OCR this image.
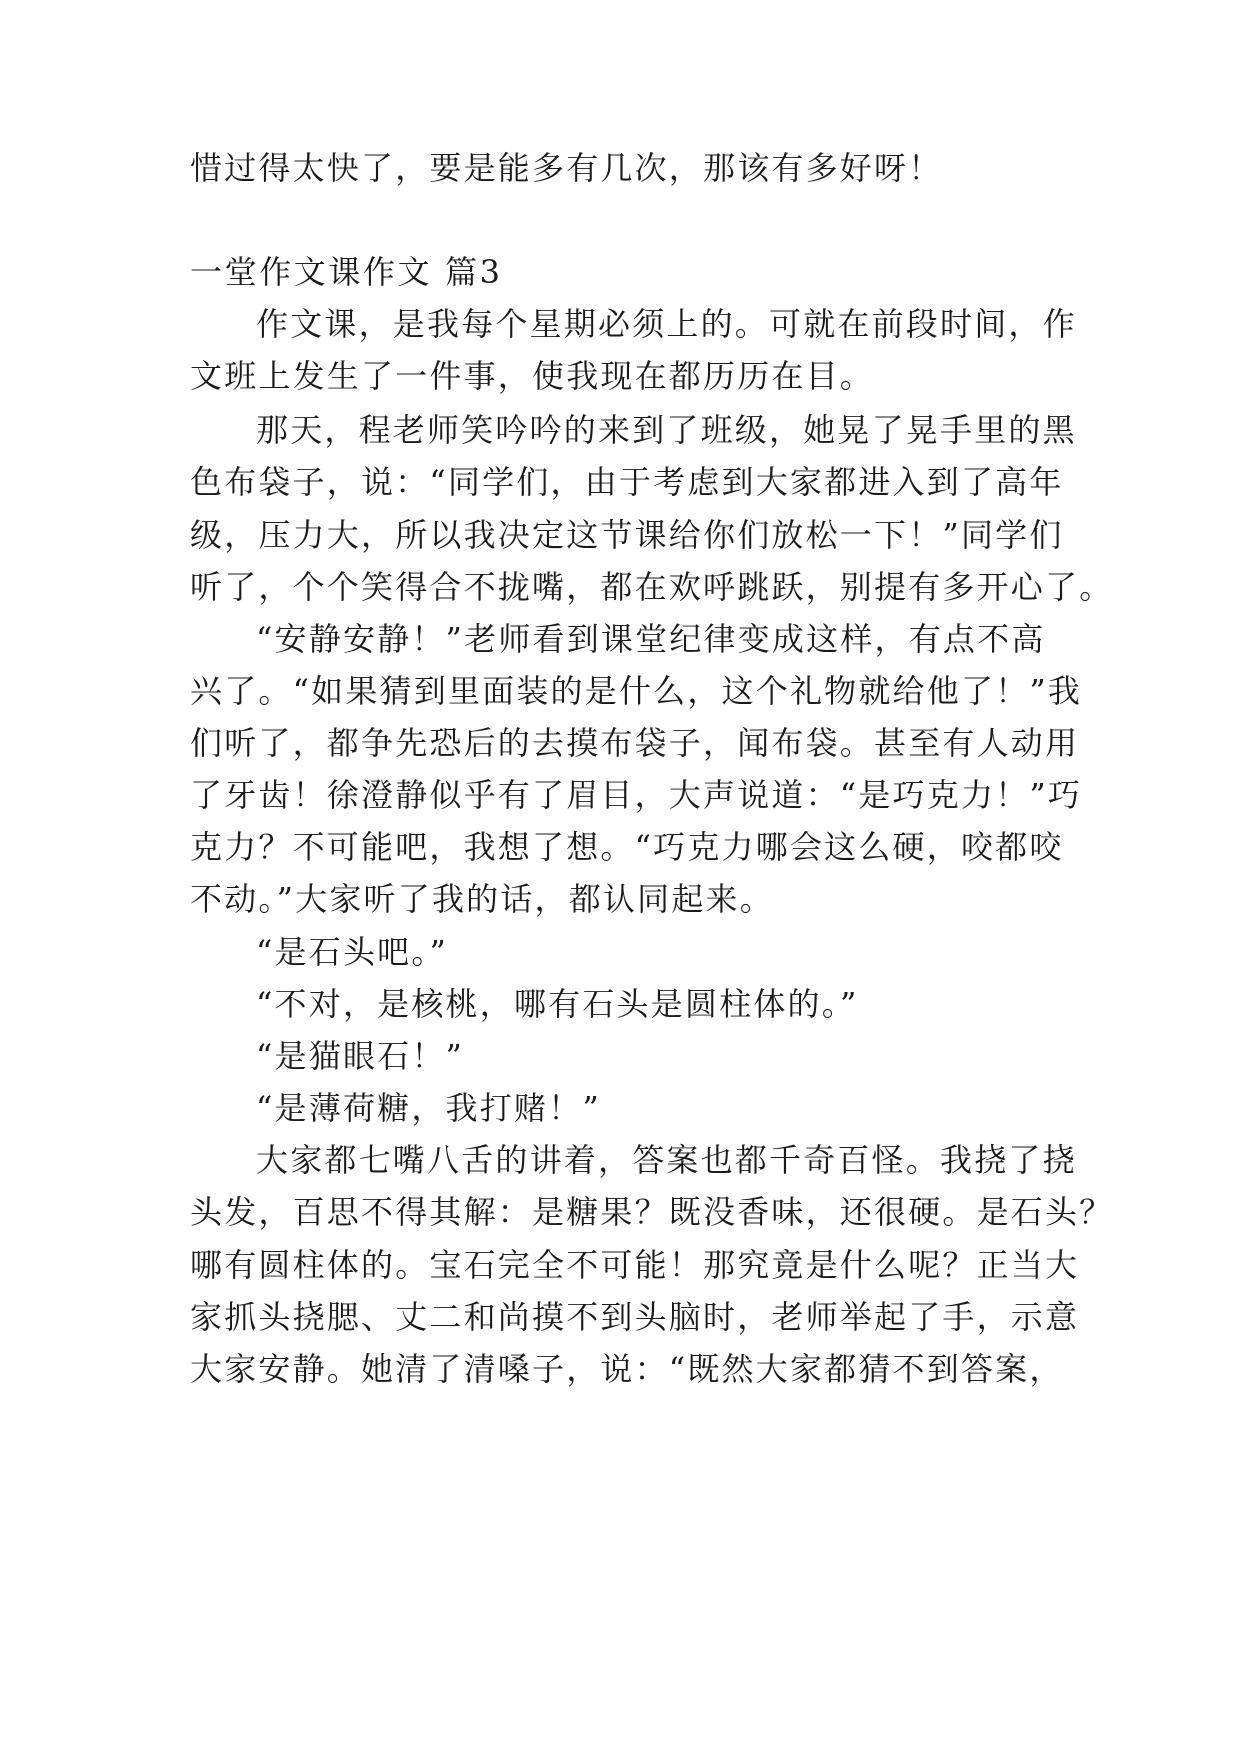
惜过得太快了，要是能多有几次，那该有多好呀！
一堂作文课作文 篇3
作文课，是我每个星期必须上的。可就在前段时间，作
文班上发生了一件事，使我现在都历历在目。
那天，程老师笑吟吟的来到了班级，她晃了晃手里的黑
色布袋子，说：“同学们，由于考虑到大家都进入到了高年
级，压力大，所以我决定这节课给你们放松一下！”同学们
听了，个个笑得合不拢嘴，都在欢呼跳跃，别提有多开心了。
“安静安静！”老师看到课堂纪律变成这样，有点不高
兴了。“如果猜到里面装的是什么，这个礼物就给他了！”我
们听了，都争先恐后的去摸布袋子，闻布袋。甚至有人动用
了牙齿！徐澄静似乎有了眉目，大声说道：“是巧克力！”巧
克力？不可能吧，我想了想。“巧克力哪会这么硬，咬都咬
不动。”大家听了我的话，都认同起来。
“是石头吧。”
“不对，是核桃，哪有石头是圆柱体的。”
“是猫眼石！”
“是薄荷糖，我打赌！”
大家都七嘴八舌的讲着，答案也都千奇百怪。我挠了挠
头发，百思不得其解：是糖果？既没香味，还很硬。是石头？
哪有圆柱体的。宝石完全不可能！那究竟是什么呢？正当大
家抓头挠腮、丈二和尚摸不到头脑时，老师举起了手，示意
大家安静。她清了清嗓子，说：“既然大家都猜不到答案，
